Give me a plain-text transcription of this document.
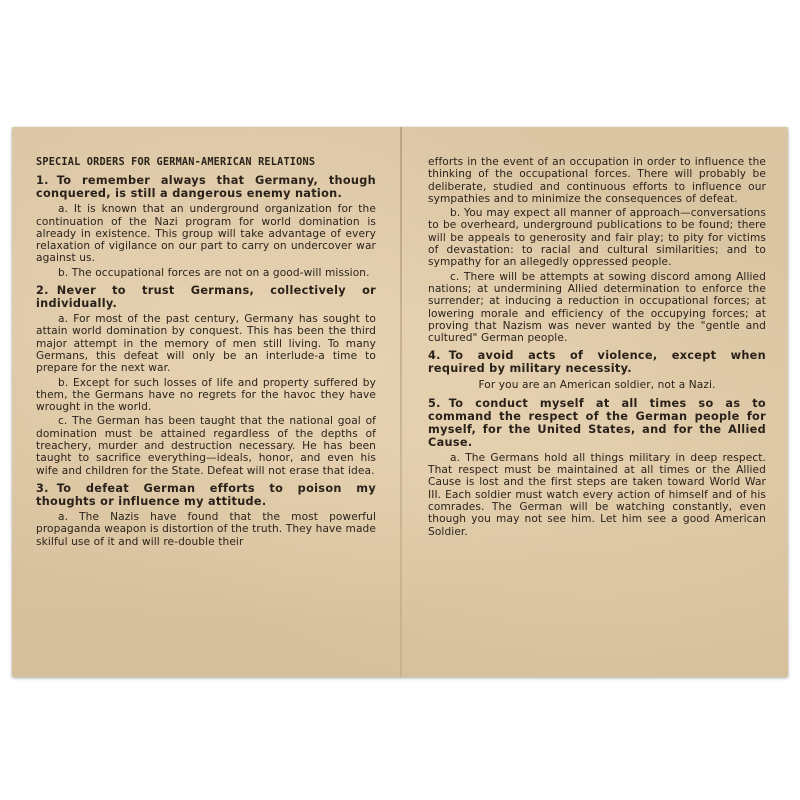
SPECIAL ORDERS FOR GERMAN-AMERICAN RELATIONS
1. To remember always that Germany, though conquered, is still a dangerous enemy nation.

a. It is known that an underground organization for the continuation of the Nazi program for world domination is already in existence. This group will take advantage of every relaxation of vigilance on our part to carry on undercover war against us.

b. The occupational forces are not on a good-will mission.

2. Never to trust Germans, collectively or individually.

a. For most of the past century, Germany has sought to attain world domination by conquest. This has been the third major attempt in the memory of men still living. To many Germans, this defeat will only be an interlude-a time to prepare for the next war.

b. Except for such losses of life and property suffered by them, the Germans have no regrets for the havoc they have wrought in the world.

c. The German has been taught that the national goal of domination must be attained regardless of the depths of treachery, murder and destruction necessary. He has been taught to sacrifice everything—ideals, honor, and even his wife and children for the State. Defeat will not erase that idea.

3. To defeat German efforts to poison my thoughts or influence my attitude.

a. The Nazis have found that the most powerful propaganda weapon is distortion of the truth. They have made skilful use of it and will re-double their

efforts in the event of an occupation in order to influence the thinking of the occupational forces. There will probably be deliberate, studied and continuous efforts to influence our sympathies and to minimize the consequences of defeat.

b. You may expect all manner of approach—conversations to be overheard, underground publications to be found; there will be appeals to generosity and fair play; to pity for victims of devastation: to racial and cultural similarities; and to sympathy for an allegedly oppressed people.

c. There will be attempts at sowing discord among Allied nations; at undermining Allied determination to enforce the surrender; at inducing a reduction in occupational forces; at lowering morale and efficiency of the occupying forces; at proving that Nazism was never wanted by the "gentle and cultured" German people.

4. To avoid acts of violence, except when required by military necessity.

For you are an American soldier, not a Nazi.

5. To conduct myself at all times so as to command the respect of the German people for myself, for the United States, and for the Allied Cause.

a. The Germans hold all things military in deep respect. That respect must be maintained at all times or the Allied Cause is lost and the first steps are taken toward World War III. Each soldier must watch every action of himself and of his comrades. The German will be watching constantly, even though you may not see him. Let him see a good American Soldier.
